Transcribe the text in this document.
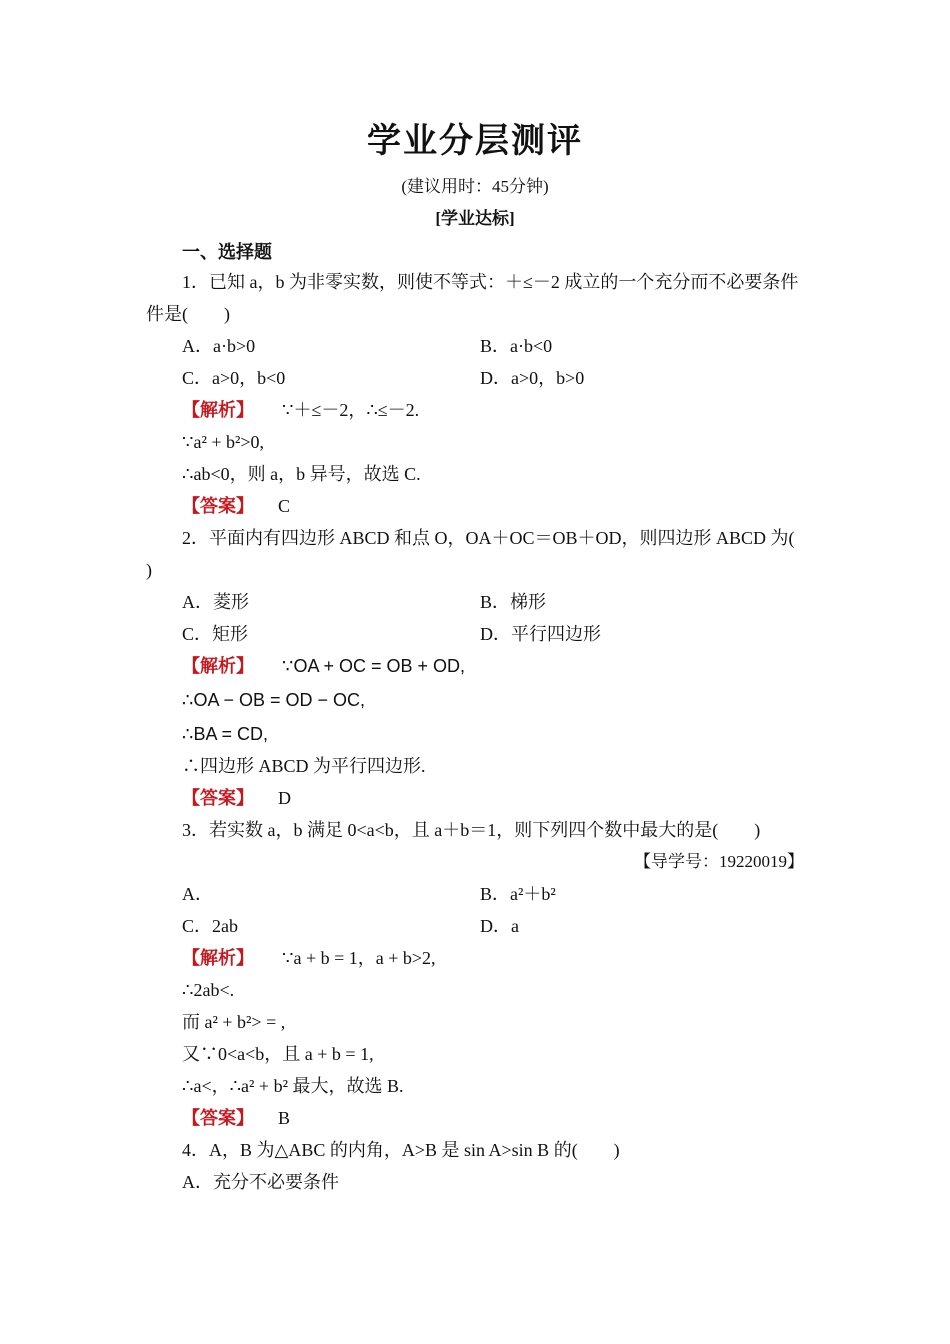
学业分层测评
(建议用时：45分钟)
[学业达标]
一、选择题
1．已知 a，b 为非零实数，则使不等式：＋≤－2 成立的一个充分而不必要条件
件是(　　)
A．a·b>0	B．a·b<0
C．a>0，b<0	D．a>0，b>0
【解析】 ∵＋≤－2，∴≤－2.
∵a² + b²>0,
∴ab<0，则 a，b 异号，故选 C.
【答案】 C
2．平面内有四边形 ABCD 和点 O，OA＋OC＝OB＋OD，则四边形 ABCD 为(
)
A．菱形	B．梯形
C．矩形	D．平行四边形
【解析】 ∵OA + OC = OB + OD,
∴OA − OB = OD − OC,
∴BA = CD,
∴四边形 ABCD 为平行四边形.
【答案】 D
3．若实数 a，b 满足 0<a<b，且 a＋b＝1，则下列四个数中最大的是(　　)
【导学号：19220019】
A．	B．a²＋b²
C．2ab	D．a
【解析】 ∵a + b = 1，a + b>2,
∴2ab<.
而 a² + b²> = ,
又∵0<a<b，且 a + b = 1,
∴a<，∴a² + b² 最大，故选 B.
【答案】 B
4．A，B 为△ABC 的内角，A>B 是 sin A>sin B 的(　　)
A．充分不必要条件
